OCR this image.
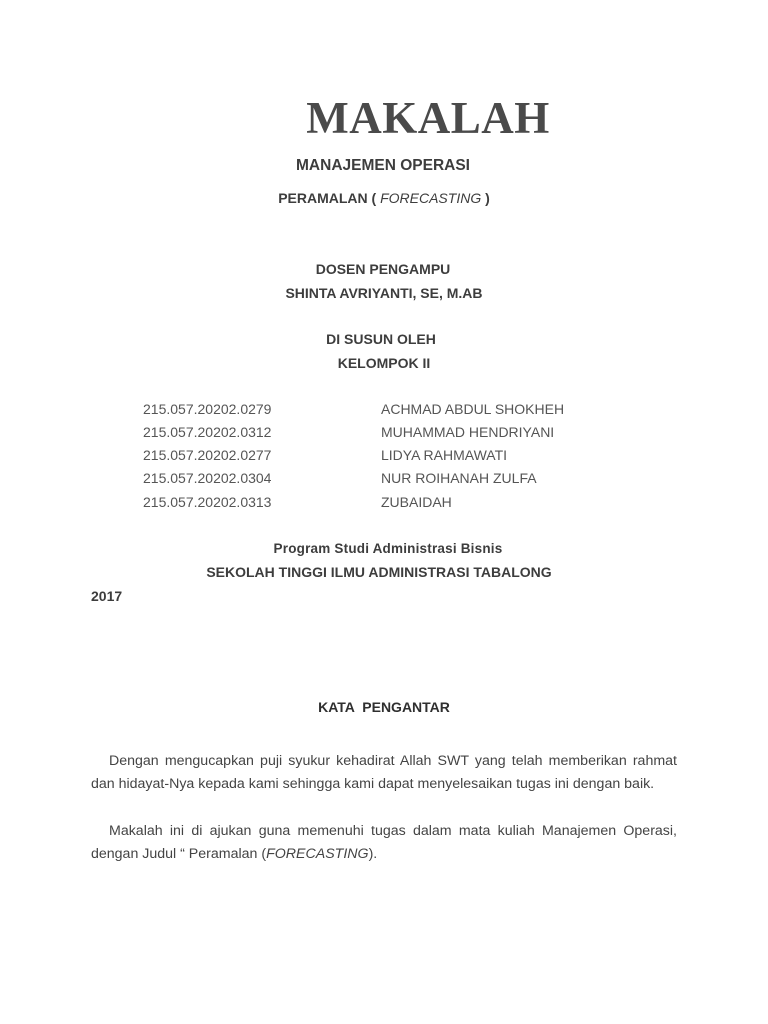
MAKALAH
MANAJEMEN OPERASI
PERAMALAN ( FORECASTING )
DOSEN PENGAMPU
SHINTA AVRIYANTI, SE, M.AB
DI SUSUN OLEH
KELOMPOK II
215.057.20202.0279	ACHMAD ABDUL SHOKHEH
215.057.20202.0312	MUHAMMAD HENDRIYANI
215.057.20202.0277	LIDYA RAHMAWATI
215.057.20202.0304	NUR ROIHANAH ZULFA
215.057.20202.0313	ZUBAIDAH
Program Studi Administrasi Bisnis
SEKOLAH TINGGI ILMU ADMINISTRASI TABALONG
2017
KATA PENGANTAR
Dengan mengucapkan puji syukur kehadirat Allah SWT yang telah memberikan rahmat dan hidayat-Nya kepada kami sehingga kami dapat menyelesaikan tugas ini dengan baik.
Makalah ini di ajukan guna memenuhi tugas dalam mata kuliah Manajemen Operasi, dengan Judul “ Peramalan (FORECASTING).
